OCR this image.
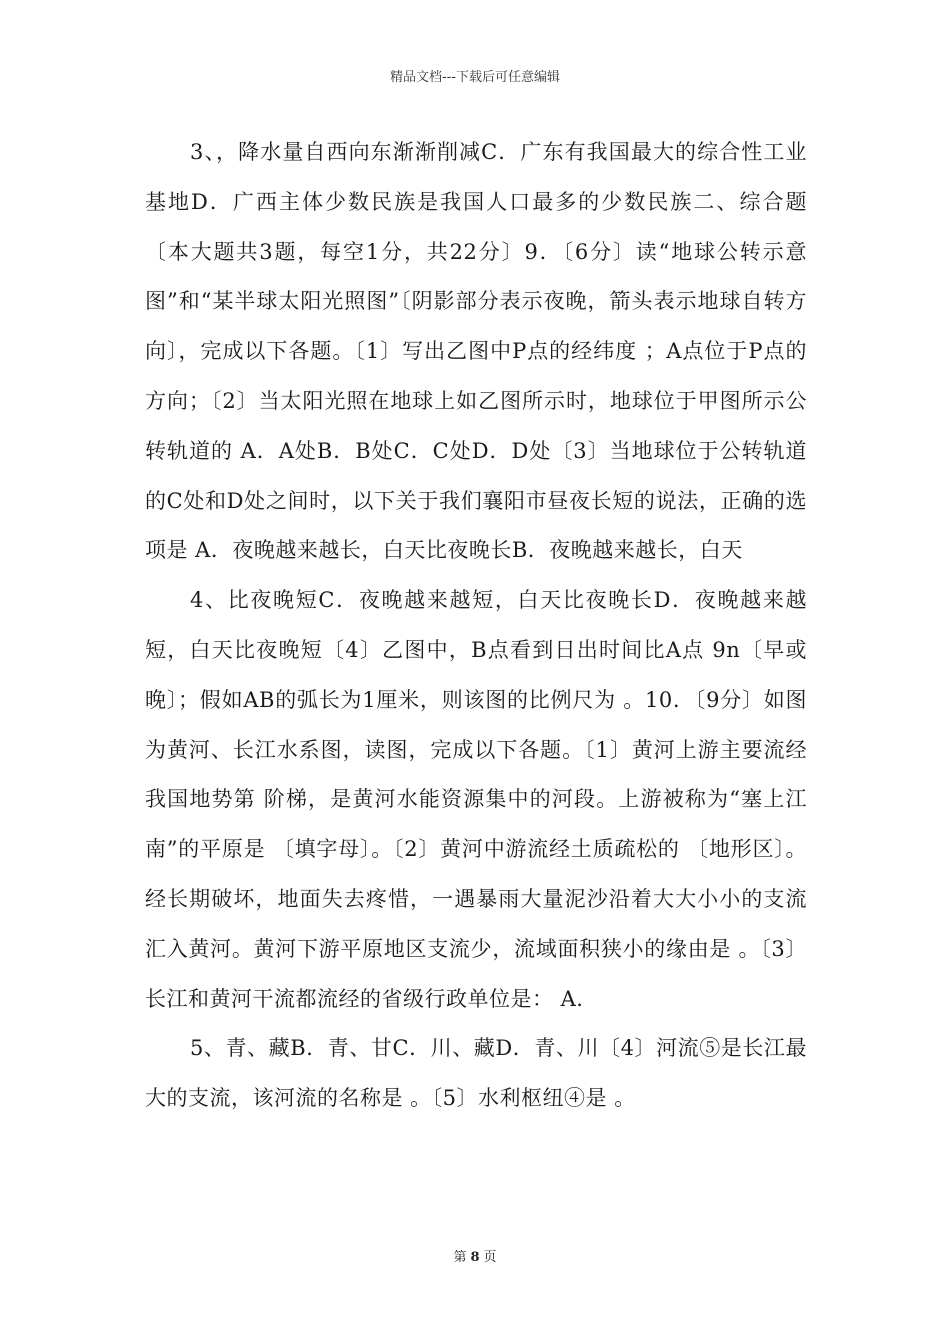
精品文档---下载后可任意编辑

3、，降水量自西向东渐渐削减C．广东有我国最大的综合性工业基地D．广西主体少数民族是我国人口最多的少数民族二、综合题〔本大题共3题，每空1分，共22分〕9．〔6分〕读“地球公转示意图”和“某半球太阳光照图”〔阴影部分表示夜晚，箭头表示地球自转方向〕，完成以下各题。〔1〕写出乙图中P点的经纬度 ；A点位于P点的 方向；〔2〕当太阳光照在地球上如乙图所示时，地球位于甲图所示公转轨道的 A．A处B．B处C．C处D．D处〔3〕当地球位于公转轨道的C处和D处之间时，以下关于我们襄阳市昼夜长短的说法，正确的选项是 A．夜晚越来越长，白天比夜晚长B．夜晚越来越长，白天

4、比夜晚短C．夜晚越来越短，白天比夜晚长D．夜晚越来越短，白天比夜晚短〔4〕乙图中，B点看到日出时间比A点 9n〔早或晚〕；假如AB的弧长为1厘米，则该图的比例尺为 。10．〔9分〕如图为黄河、长江水系图，读图，完成以下各题。〔1〕黄河上游主要流经我国地势第 阶梯，是黄河水能资源集中的河段。上游被称为“塞上江南”的平原是 〔填字母〕。〔2〕黄河中游流经土质疏松的 〔地形区〕。经长期破坏，地面失去疼惜，一遇暴雨大量泥沙沿着大大小小的支流汇入黄河。黄河下游平原地区支流少，流域面积狭小的缘由是 。〔3〕长江和黄河干流都流经的省级行政单位是： A．

5、青、藏B．青、甘C．川、藏D．青、川〔4〕河流⑤是长江最大的支流，该河流的名称是 。〔5〕水利枢纽④是 。

第 8 页
